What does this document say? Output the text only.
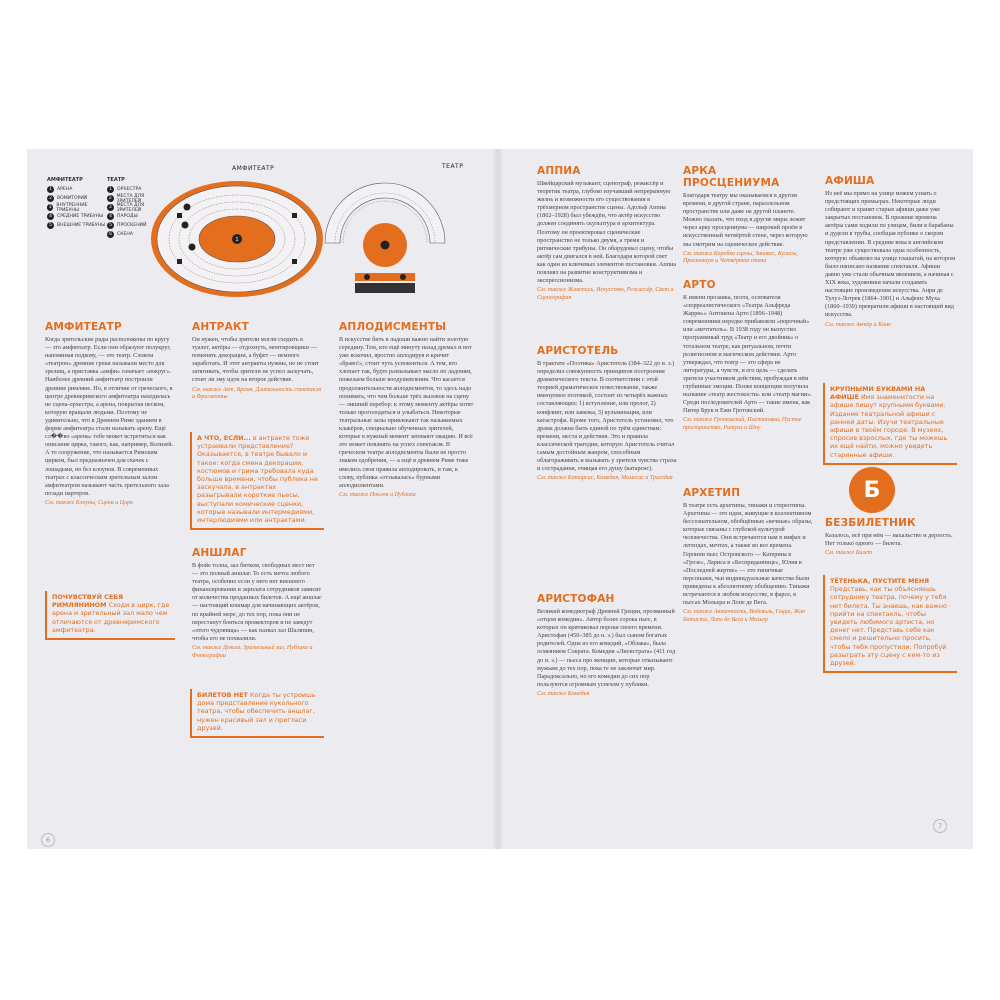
АМФИТЕАТР
1	АРЕНА
2	ВОМИТОРИЙ
3	ВНУТРЕННИЕ ТРИБУНЫ
4	СРЕДНИЕ ТРИБУНЫ
5	ВНЕШНИЕ ТРИБУНЫ
ТЕАТР
1	ОРХЕСТРА
2	МЕСТА ДЛЯ ЗРИТЕЛЕЙ
3	МЕСТА ДЛЯ ЗРИТЕЛЕЙ
4	ПАРОДЫ
5	ПРОСКЕНИЙ
6	СКЕНА
АМФИТЕАТР	ТЕАТР
1
АМФИТЕАТР

Когда зрительские ряды расположены по кругу — это амфитеатр. Если они образуют полукруг, напоминая подкову, — это театр. Словом «театрон» древние греки называли место для зрелищ, а приставка «амфи» означает «вокруг». Наиболее древний амфитеатр построили древние римляне. Но, в отличие от греческого, в центре древнеримского амфитеатра находилась не сцена-орхестра, а арена, покрытая песком, которую вращали людьми. Поэтому не удивительно, что в Древнем Риме зданием в форме амфитеатра стали называть арену. Ещё сл��во «арена» тебе может встретиться как описание цирка, такого, как, например, Колизей. А то сооружение, что называется Римским цирком, был предназначен для скачек с лошадьми, но без клоунов. В современных театрах с классическим зрительным залом амфитеатром называют часть зрительного зала позади партеров.

См. также Клоуны, Сцена и Цирк

ПОЧУВСТВУЙ СЕБЯ РИМЛЯНИНОМ Сходи в цирк, где арена и зрительный зал мало чем отличаются от древнеримского амфитеатра.

АНТРАКТ

Он нужен, чтобы зрители могли сходить в туалет, актёры — отдохнуть, монтировщики — поменять декорации, а буфет — немного заработать. И этот антракты нужны, но не стоит затягивать, чтобы зрители не успел заскучать, стоит ли эму идти на второе действие.

См. также Акт, Время, Длительность спектакля и Фрагменты

А ЧТО, ЕСЛИ... в антракте тоже устраивали представление? Оказывается, в театре бывало и такое: когда смена декорации, костюмов и грима требовала куда больше времени, чтобы публика не заскучала, в антрактах разыгрывали короткие пьесы, выступали комические сценки, которые называли интермедиями, интерлюдиями или антрактами.

АНШЛАГ

В фойе толпа, зал битком, свободных мест нет — это полный аншлаг. То есть мечта любого театра, особенно если у него нет внешнего финансирования и зарплата сотрудников зависит от количества проданных билетов. А ещё аншлаг — настоящий кошмар для начинающих актёров, по крайней мере, до тех пор, пока они не перестанут бояться прожекторов и не заведут «этого чудовища» — как назвал зал Шаляпин, чтобы его не похвалили.

См. также Деньги, Зрительный зал, Публика и Фотографии

БИЛЕТОВ НЕТ Когда ты устроишь дома представление кукольного театра, чтобы обеспечить аншлаг, нужен красивый зал и пригласи друзей.

АПЛОДИСМЕНТЫ

В искусстве бить в ладоши важно найти золотую середину. Тем, кто ещё минуту назад дремал и вот уже вскочил, яростно аплодируя и кричит «браво!», стоит чуть успокоиться. А тем, кто хлопает так, будто размазывает масло по ладоням, пожелаем больше воодушевления. Что касается продолжительности аплодисментов, то здесь надо понимать, что чем больше трёх вызовов на сцену — лишний перебор: к этому моменту актёры хотят только проголодаться и улыбаться. Некоторые театральные залы привлекают так называемых клакёров, специально обученных зрителей, которые в нужный момент затевают овацию. И всё это может повлиять на успех спектакля. В греческом театре аплодисменты были не просто знаком одобрения, — а ещё в древнем Риме тоже имелись свои правила аплодировать, и там, к слову, публика «отзывалась» бурными аплодисментами.

См. также Поклон и Публика

АППИА

Швейцарский музыкант, сценограф, режиссёр и теоретик театра, глубоко изучавший непрерывную жизнь и возможности его существования в трёхмерном пространстве сцены. Адольф Аппиа (1862–1928) был убеждён, что актёр искусство должен соединять скульптура и архитектура. Поэтому он проектировал сценические пространство не только двумя, а тремя и ритмические трибуны. Он оборудовал сцену, чтобы актёр сам двигался в ней. Благодаря которой свет как один из ключевых элементов постановки. Аппиа повлиял на развитие конструктивизма и экспрессионизма.

См. также Живопись, Искусство, Режиссёр, Свет и Сценография

АРИСТОТЕЛЬ

В трактате «Поэтика» Аристотель (384–322 до н. э.) определил совокупность принципов построения драматического текста. В соответствии с этой теорией драматическое повествование, также именуемое поэтикой, состоит из четырёх важных составляющих: 1) вступление, или пролог, 2) конфликт, или завязка, 3) кульминация, или катастрофа. Кроме того, Аристотель установил, что драма должна быть единой по трём единствам: времени, места и действия. Это и правила классической трагедии, которую Аристотель считал самым достойным жанром, способным облагораживать и вызывать у зрителя чувства страха и сострадания, очищая его душу (катарсис).

См. также Катарсис, Комедия, Мимесис и Трагедия

АРИСТОФАН

Великий комедиограф Древней Греции, прозванный «отцом комедии». Автор более сорока пьес, в которых он критиковал пороки своего времени. Аристофан (450–385 до н. э.) был сыном богатых родителей. Одна из его комедий, «Облака», была осмеянием Сократа. Комедия «Лисистрата» (411 год до н. э.) — пьеса про женщин, которые отказывают мужьям до тех пор, пока те не заключат мир. Парадоксально, но его комедии до сих пор пользуются огромным успехом у публики.

См. также Комедия

АРКА ПРОСЦЕНИУМА

Благодаря театру мы оказываемся в другом времени, в другой стране, параллельном пространстве или даже на другой планете. Можно сказать, что вход в другие миры лежит через арку просцениума — широкий проём в искусственный четвёртой стене, через которую мы смотрим на сценическое действие.

См. также Коробка сцены, Занавес, Кулисы, Проскениум и Четвёртая стена

АРТО

К имени прозаика, поэта, основателя «сюрреалистического «Театра Альфреда Жарри»» Антонена Арто (1896–1948) современники нередко прибавляли «порочный» или «мечтатель». В 1938 году он выпустил программный труд «Театр и его двойник» о тотальном театре, как ритуальном, почти религиозном и магическом действии. Арто утверждал, что театр — это сфера не литературы, а чувств, и его цель — сделать зрителя участником действия, пробуждая в нём глубинные эмоции. Позже концепция получила название «театр жестокости» или «театр магии». Среди последователей Арто — такие имена, как Питер Брук и Ежи Гротовский.

См. также Гротовский, Постановка, Пустое пространство, Ритуал и Шоу

АРХЕТИП

В театре есть архетипы, типажи и стереотипы. Архетипы — это идеи, живущие в коллективном бессознательном, обобщённые «вечные» образы, которые связаны с глубокой культурой человечества. Они встречаются нам в мифах и легендах, мечтах, а также во все времена. Героини пьес Островского — Катерина в «Грозе», Лариса в «Бесприданнице», Юлия в «Последней жертве» — это типичные персонажи, чьи индивидуальные качества были приведены к абсолютному обобщению. Типажи встречаются в любом искусстве, в фарсе, в пьесах Мольера и Лопе де Вега.

См. также Античность, Водевиль, Гоцци, Жан Батиста, Лопе де Вега и Мольер

АФИША

Из неё мы прямо на улице можем узнать о предстоящих премьерах. Некоторые люди собирают и хранят старые афиши даже уже закрытых постановок. В прежние времена актёры сами ходили по улицам, били в барабаны и дудели в трубы, сообщая публике о скором представлении. В средние века в английском театре уже существовала одна особенность, которую объявлял на улице глашатай, на котором было написано название спектакля. Афиши давно уже стали обычным явлением, а начиная с XIX века, художники начали создавать настоящие произведения искусства. Анри де Тулуз-Лотрек (1864–1901) и Альфонс Муха (1860–1939) превратили афиши в настоящий вид искусства.

См. также Актёр и Кино

КРУПНЫМИ БУКВАМИ НА АФИШЕ Имя знаменитости на афише пишут крупными буквами. Издание театральной афиши с ранней даты. Изучи театральные афиши в твоём городе. В музеях, спросив взрослых, где ты можешь их ещё найти, можно увидеть старинные афиши.

Б
БЕЗБИЛЕТНИК

Казалось, всё при нём — нахальство и дерзость. Нет только одного — билета.

См. также Билет

ТЁТЕНЬКА, ПУСТИТЕ МЕНЯ Представь, как ты объясняешь сотруднику театра, почему у тебя нет билета. Ты знаешь, как важно прийти на спектакль, чтобы увидеть любимого артиста, но денег нет. Представь себе как смело и решительно просить, чтобы тебя пропустили. Попробуй разыграть эту сцену с кем-то из друзей.

6
7
